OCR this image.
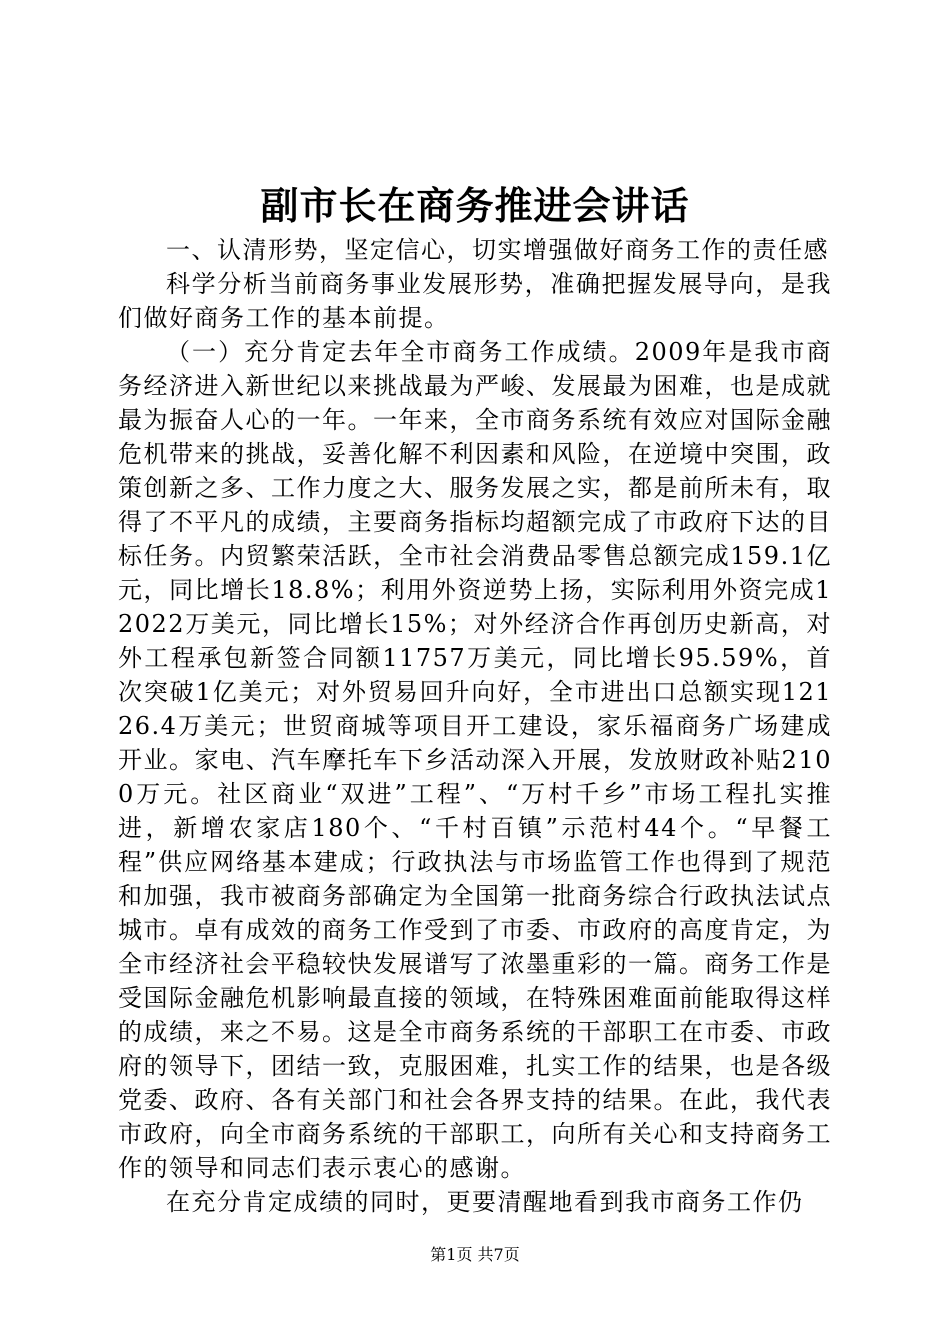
副市长在商务推进会讲话

一、认清形势，坚定信心，切实增强做好商务工作的责任感

科学分析当前商务事业发展形势，准确把握发展导向，是我们做好商务工作的基本前提。

（一）充分肯定去年全市商务工作成绩。2009年是我市商务经济进入新世纪以来挑战最为严峻、发展最为困难，也是成就最为振奋人心的一年。一年来，全市商务系统有效应对国际金融危机带来的挑战，妥善化解不利因素和风险，在逆境中突围，政策创新之多、工作力度之大、服务发展之实，都是前所未有，取得了不平凡的成绩，主要商务指标均超额完成了市政府下达的目标任务。内贸繁荣活跃，全市社会消费品零售总额完成159.1亿元，同比增长18.8%；利用外资逆势上扬，实际利用外资完成12022万美元，同比增长15%；对外经济合作再创历史新高，对外工程承包新签合同额11757万美元，同比增长95.59%，首次突破1亿美元；对外贸易回升向好，全市进出口总额实现12126.4万美元；世贸商城等项目开工建设，家乐福商务广场建成开业。家电、汽车摩托车下乡活动深入开展，发放财政补贴2100万元。社区商业“双进”工程”、“万村千乡”市场工程扎实推进，新增农家店180个、“千村百镇”示范村44个。“早餐工程”供应网络基本建成；行政执法与市场监管工作也得到了规范和加强，我市被商务部确定为全国第一批商务综合行政执法试点城市。卓有成效的商务工作受到了市委、市政府的高度肯定，为全市经济社会平稳较快发展谱写了浓墨重彩的一篇。商务工作是受国际金融危机影响最直接的领域，在特殊困难面前能取得这样的成绩，来之不易。这是全市商务系统的干部职工在市委、市政府的领导下，团结一致，克服困难，扎实工作的结果，也是各级党委、政府、各有关部门和社会各界支持的结果。在此，我代表市政府，向全市商务系统的干部职工，向所有关心和支持商务工作的领导和同志们表示衷心的感谢。

在充分肯定成绩的同时，更要清醒地看到我市商务工作仍

第1页 共7页
